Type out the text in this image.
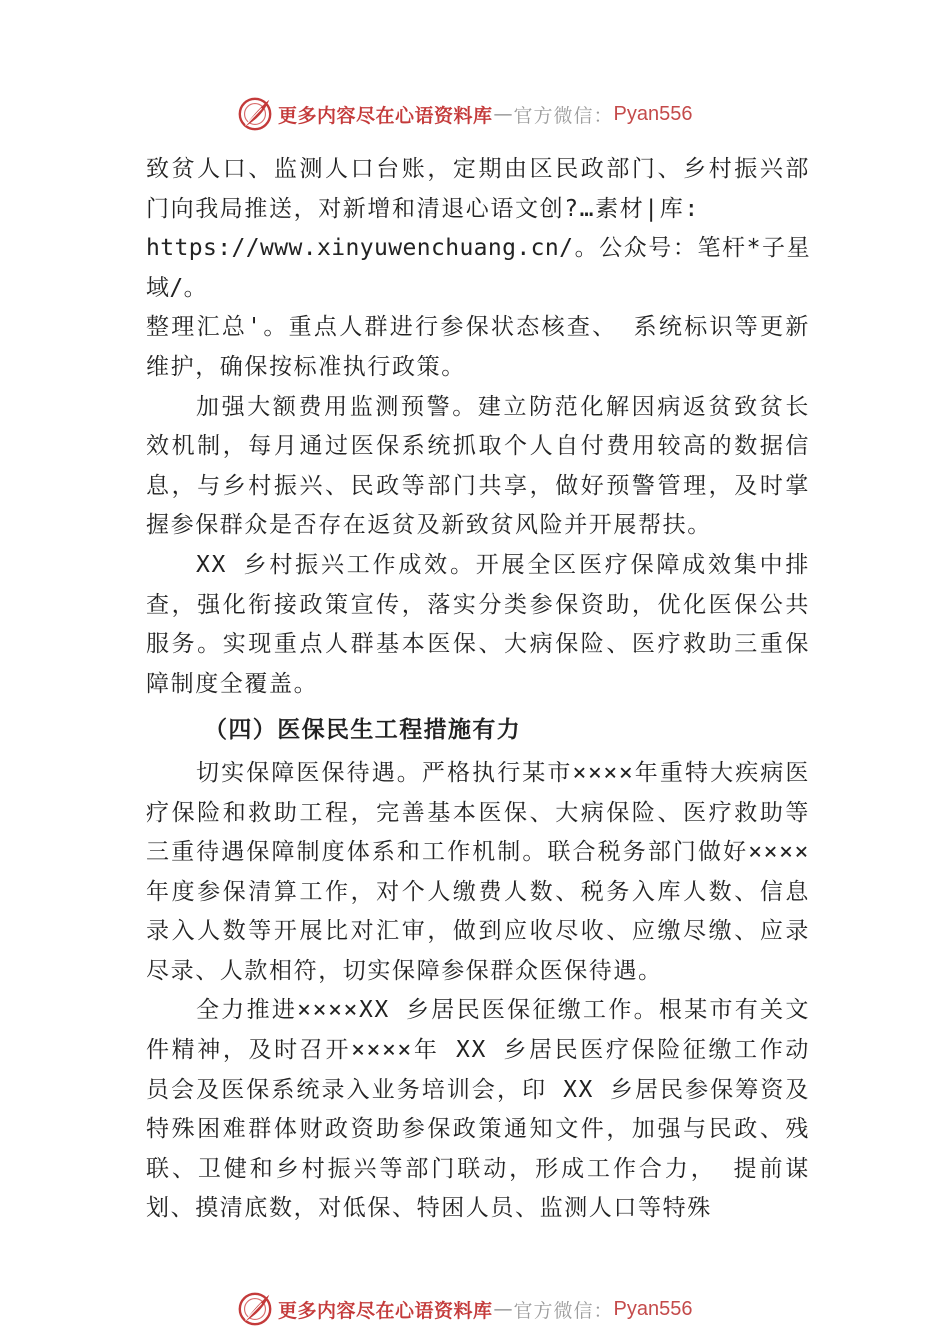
更多内容尽在心语资料库 — 官方微信： Pyan556

致贫人口、监测人口台账，定期由区民政部门、乡村振兴部门向我局推送，对新增和清退心语文创?…素材|库:

https://www.xinyuwenchuang.cn/。公众号：笔杆*子星域/。

整理汇总'。重点人群进行参保状态核查、 系统标识等更新维护，确保按标准执行政策。

加强大额费用监测预警。建立防范化解因病返贫致贫长效机制，每月通过医保系统抓取个人自付费用较高的数据信息，与乡村振兴、民政等部门共享，做好预警管理，及时掌握参保群众是否存在返贫及新致贫风险并开展帮扶。

XX 乡村振兴工作成效。开展全区医疗保障成效集中排查，强化衔接政策宣传，落实分类参保资助，优化医保公共服务。实现重点人群基本医保、大病保险、医疗救助三重保障制度全覆盖。

（四）医保民生工程措施有力

切实保障医保待遇。严格执行某市××××年重特大疾病医疗保险和救助工程，完善基本医保、大病保险、医疗救助等三重待遇保障制度体系和工作机制。联合税务部门做好××××年度参保清算工作，对个人缴费人数、税务入库人数、信息录入人数等开展比对汇审，做到应收尽收、应缴尽缴、应录尽录、人款相符，切实保障参保群众医保待遇。

全力推进××××XX 乡居民医保征缴工作。根某市有关文件精神，及时召开××××年 XX 乡居民医疗保险征缴工作动员会及医保系统录入业务培训会，印 XX 乡居民参保筹资及特殊困难群体财政资助参保政策通知文件，加强与民政、残联、卫健和乡村振兴等部门联动，形成工作合力， 提前谋划、摸清底数，对低保、特困人员、监测人口等特殊

更多内容尽在心语资料库 — 官方微信： Pyan556
